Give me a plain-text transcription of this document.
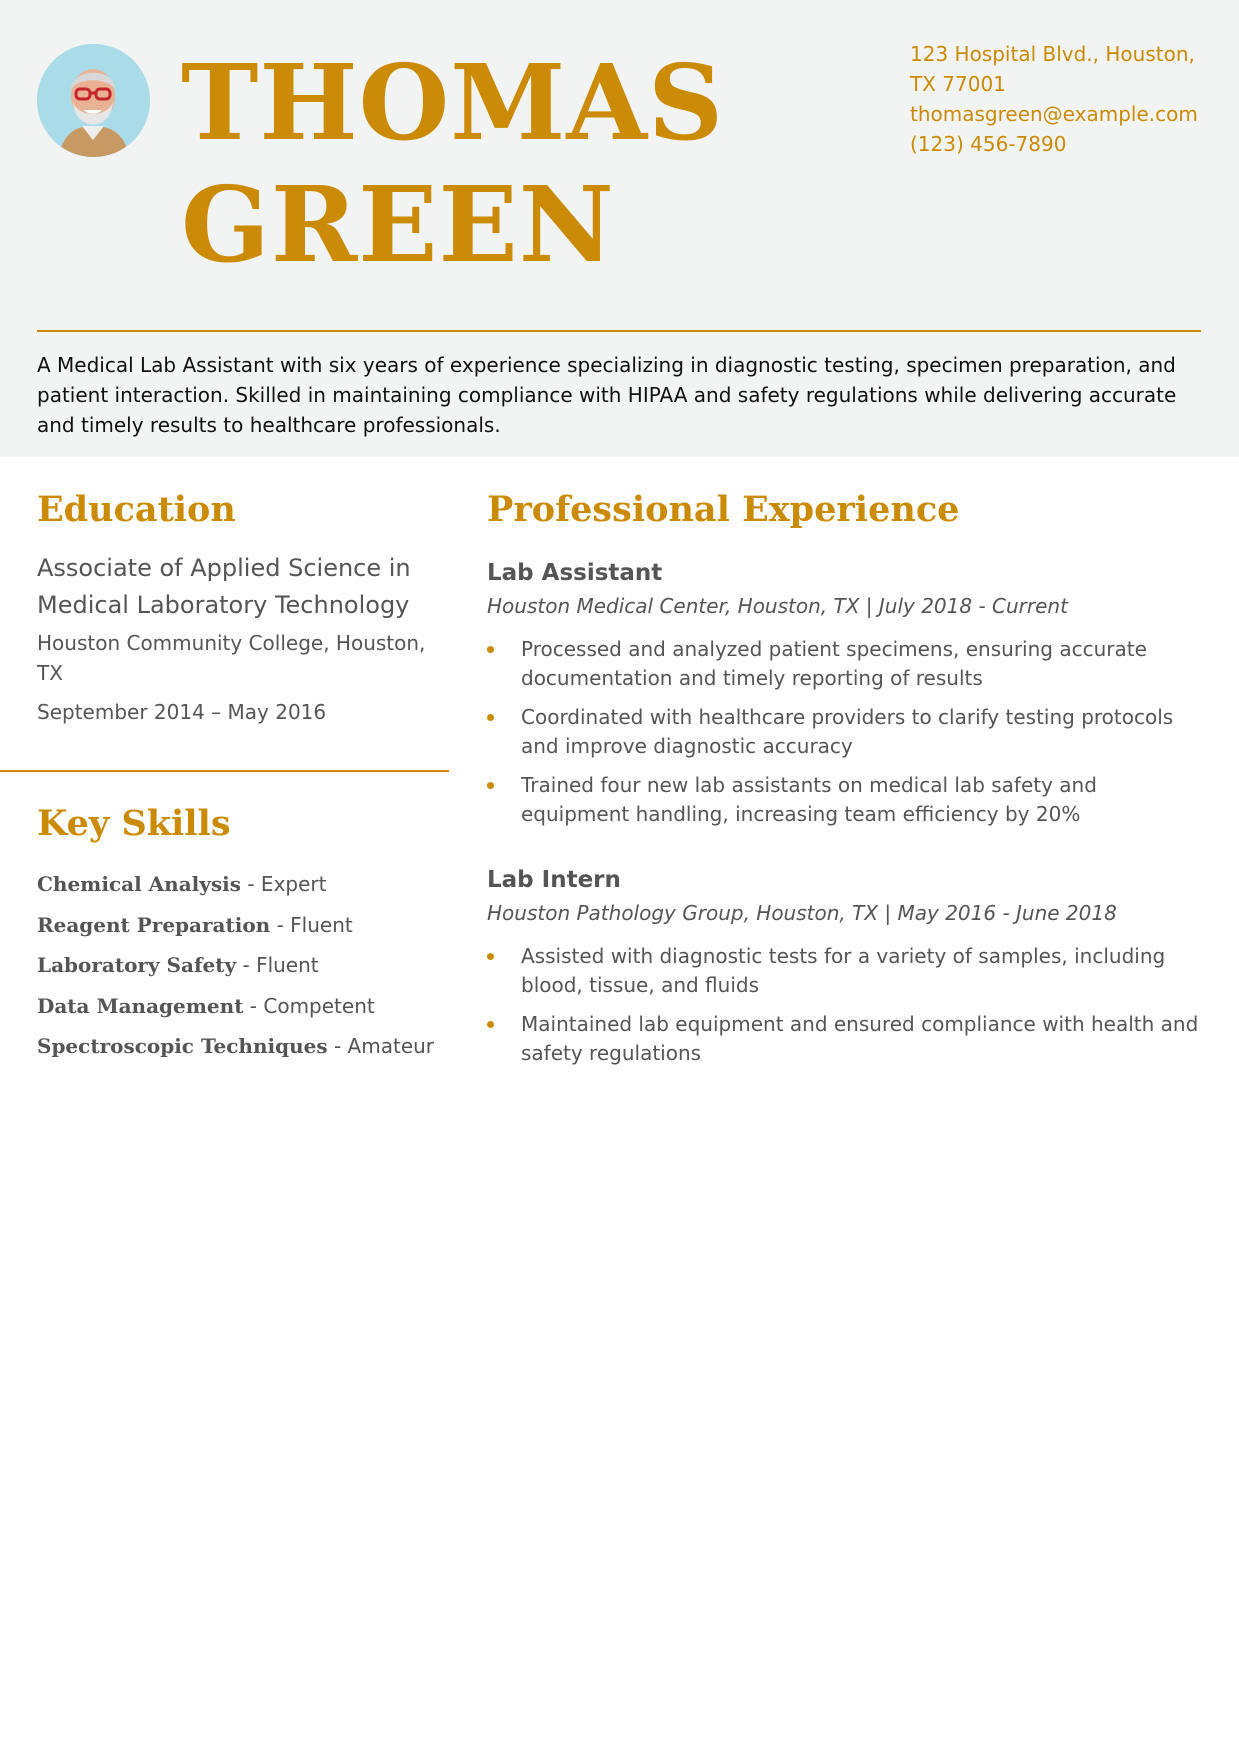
THOMAS
GREEN
123 Hospital Blvd., Houston, TX 77001
thomasgreen@example.com
(123) 456-7890
A Medical Lab Assistant with six years of experience specializing in diagnostic testing, specimen preparation, and patient interaction. Skilled in maintaining compliance with HIPAA and safety regulations while delivering accurate and timely results to healthcare professionals.
Education
Associate of Applied Science in Medical Laboratory Technology
Houston Community College, Houston, TX
September 2014 – May 2016
Key Skills
Chemical Analysis - Expert
Reagent Preparation - Fluent
Laboratory Safety - Fluent
Data Management - Competent
Spectroscopic Techniques - Amateur
Professional Experience
Lab Assistant
Houston Medical Center, Houston, TX | July 2018 - Current
Processed and analyzed patient specimens, ensuring accurate documentation and timely reporting of results
Coordinated with healthcare providers to clarify testing protocols and improve diagnostic accuracy
Trained four new lab assistants on medical lab safety and equipment handling, increasing team efficiency by 20%
Lab Intern
Houston Pathology Group, Houston, TX | May 2016 - June 2018
Assisted with diagnostic tests for a variety of samples, including blood, tissue, and fluids
Maintained lab equipment and ensured compliance with health and safety regulations
